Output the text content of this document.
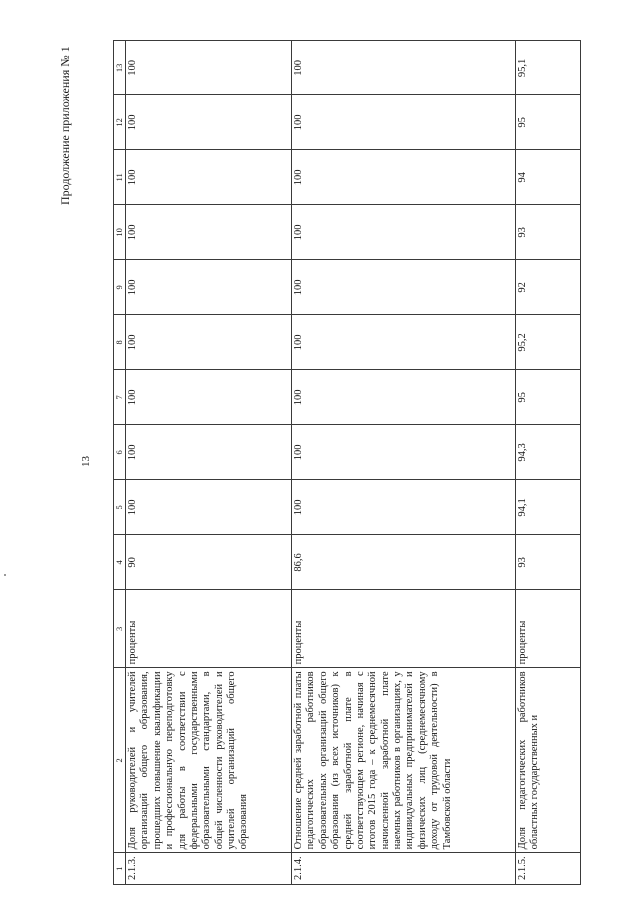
13
Продолжение приложения № 1
1	2	3	4	5	6	7	8	9	10	11	12	13
2.1.3.	Доля руководителей и учителей организаций общего образования, прошедших повышение квалификации и профессиональную переподготовку для работы в соответствии с федеральными государственными образовательными стандартами, в общей численности руководителей и учителей организаций общего образования	проценты	90	100	100	100	100	100	100	100	100	100
2.1.4.	Отношение средней заработной платы педагогических работников образовательных организаций общего образования (из всех источников) к средней заработной плате в соответствующем регионе, начиная с итогов 2015 года – к среднемесячной начисленной заработной плате наемных работников в организациях, у индивидуальных предпринимателей и физических лиц (среднемесячному доходу от трудовой деятельности) в Тамбовской области	проценты	86,6	100	100	100	100	100	100	100	100	100
2.1.5.	Доля педагогических работников областных государственных и	проценты	93	94,1	94,3	95	95,2	92	93	94	95	95,1
